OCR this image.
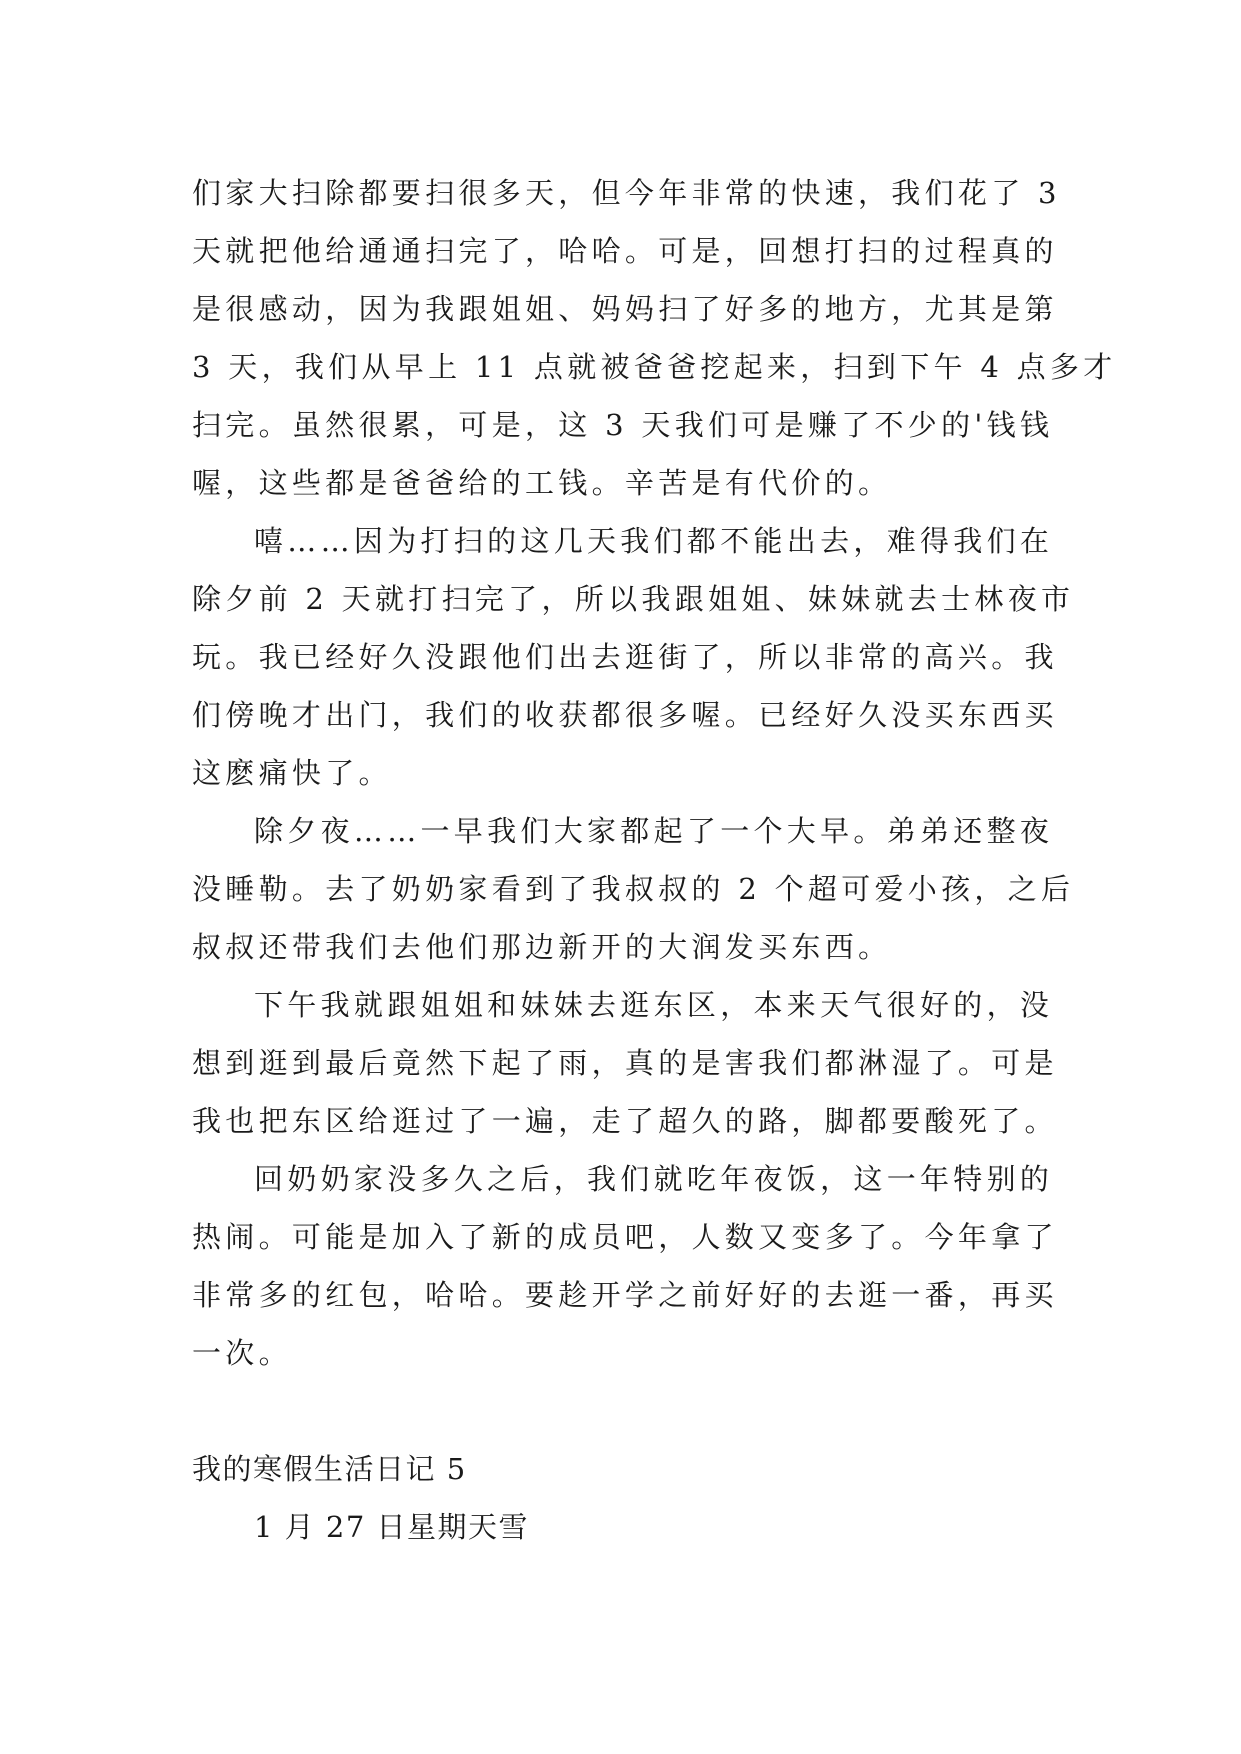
们家大扫除都要扫很多天，但今年非常的快速，我们花了 3
天就把他给通通扫完了，哈哈。可是，回想打扫的过程真的
是很感动，因为我跟姐姐、妈妈扫了好多的地方，尤其是第
3 天，我们从早上 11 点就被爸爸挖起来，扫到下午 4 点多才
扫完。虽然很累，可是，这 3 天我们可是赚了不少的'钱钱
喔，这些都是爸爸给的工钱。辛苦是有代价的。
嘻……因为打扫的这几天我们都不能出去，难得我们在
除夕前 2 天就打扫完了，所以我跟姐姐、妹妹就去士林夜市
玩。我已经好久没跟他们出去逛街了，所以非常的高兴。我
们傍晚才出门，我们的收获都很多喔。已经好久没买东西买
这麽痛快了。
除夕夜……一早我们大家都起了一个大早。弟弟还整夜
没睡勒。去了奶奶家看到了我叔叔的 2 个超可爱小孩，之后
叔叔还带我们去他们那边新开的大润发买东西。
下午我就跟姐姐和妹妹去逛东区，本来天气很好的，没
想到逛到最后竟然下起了雨，真的是害我们都淋湿了。可是
我也把东区给逛过了一遍，走了超久的路，脚都要酸死了。
回奶奶家没多久之后，我们就吃年夜饭，这一年特别的
热闹。可能是加入了新的成员吧，人数又变多了。今年拿了
非常多的红包，哈哈。要趁开学之前好好的去逛一番，再买
一次。
我的寒假生活日记 5
1 月 27 日星期天雪
